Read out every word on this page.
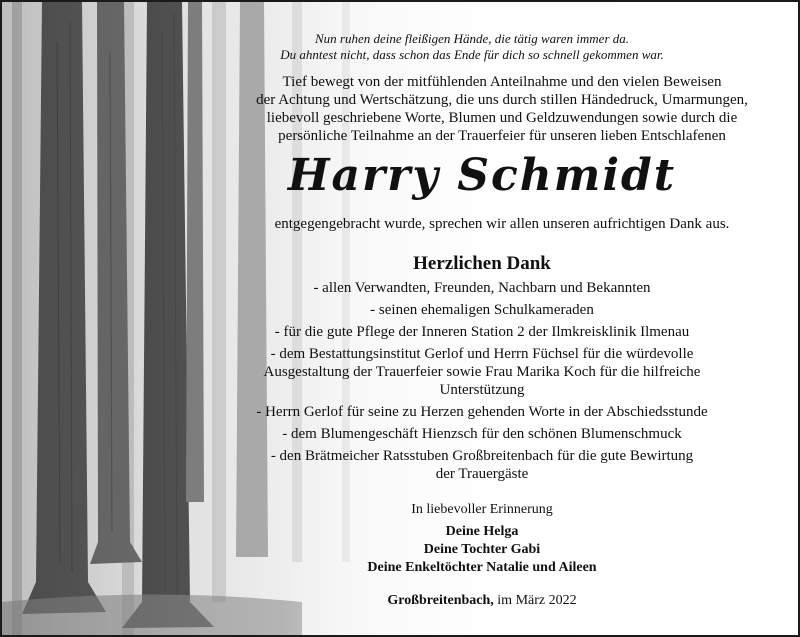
Nun ruhen deine fleißigen Hände, die tätig waren immer da.
Du ahntest nicht, dass schon das Ende für dich so schnell gekommen war.
Tief bewegt von der mitfühlenden Anteilnahme und den vielen Beweisen
der Achtung und Wertschätzung, die uns durch stillen Händedruck, Umarmungen,
liebevoll geschriebene Worte, Blumen und Geldzuwendungen sowie durch die
persönliche Teilnahme an der Trauerfeier für unseren lieben Entschlafenen
Harry Schmidt
entgegengebracht wurde, sprechen wir allen unseren aufrichtigen Dank aus.
Herzlichen Dank
- allen Verwandten, Freunden, Nachbarn und Bekannten
- seinen ehemaligen Schulkameraden
- für die gute Pflege der Inneren Station 2 der Ilmkreisklinik Ilmenau
- dem Bestattungsinstitut Gerlof und Herrn Füchsel für die würdevolle
Ausgestaltung der Trauerfeier sowie Frau Marika Koch für die hilfreiche
Unterstützung
- Herrn Gerlof für seine zu Herzen gehenden Worte in der Abschiedsstunde
- dem Blumengeschäft Hienzsch für den schönen Blumenschmuck
- den Brätmeicher Ratsstuben Großbreitenbach für die gute Bewirtung
der Trauergäste
In liebevoller Erinnerung
Deine Helga
Deine Tochter Gabi
Deine Enkeltöchter Natalie und Aileen
Großbreitenbach, im März 2022
